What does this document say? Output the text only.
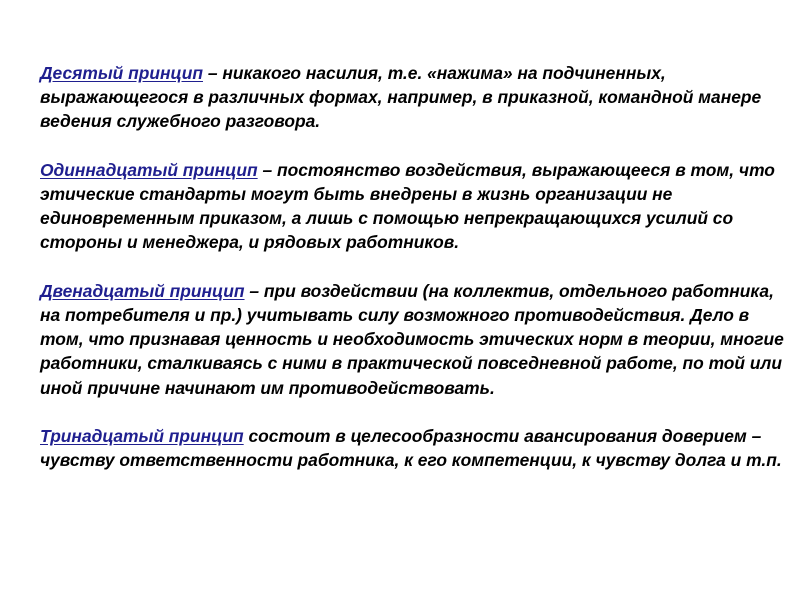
Десятый принцип – никакого насилия, т.е. «нажима» на подчиненных, выражающегося в различных формах, например, в приказной, командной манере ведения служебного разговора.

Одиннадцатый принцип – постоянство воздействия, выражающееся в том, что этические стандарты могут быть внедрены в жизнь организации не единовременным приказом, а лишь с помощью непрекращающихся усилий со стороны и менеджера, и рядовых работников.

Двенадцатый принцип – при воздействии (на коллектив, отдельного работника, на потребителя и пр.) учитывать силу возможного противодействия. Дело в том, что признавая ценность и необходимость этических норм в теории, многие работники, сталкиваясь с ними в практической повседневной работе, по той или иной причине начинают им противодействовать.

Тринадцатый принцип состоит в целесообразности авансирования доверием – чувству ответственности работника, к его компетенции, к чувству долга и т.п.
